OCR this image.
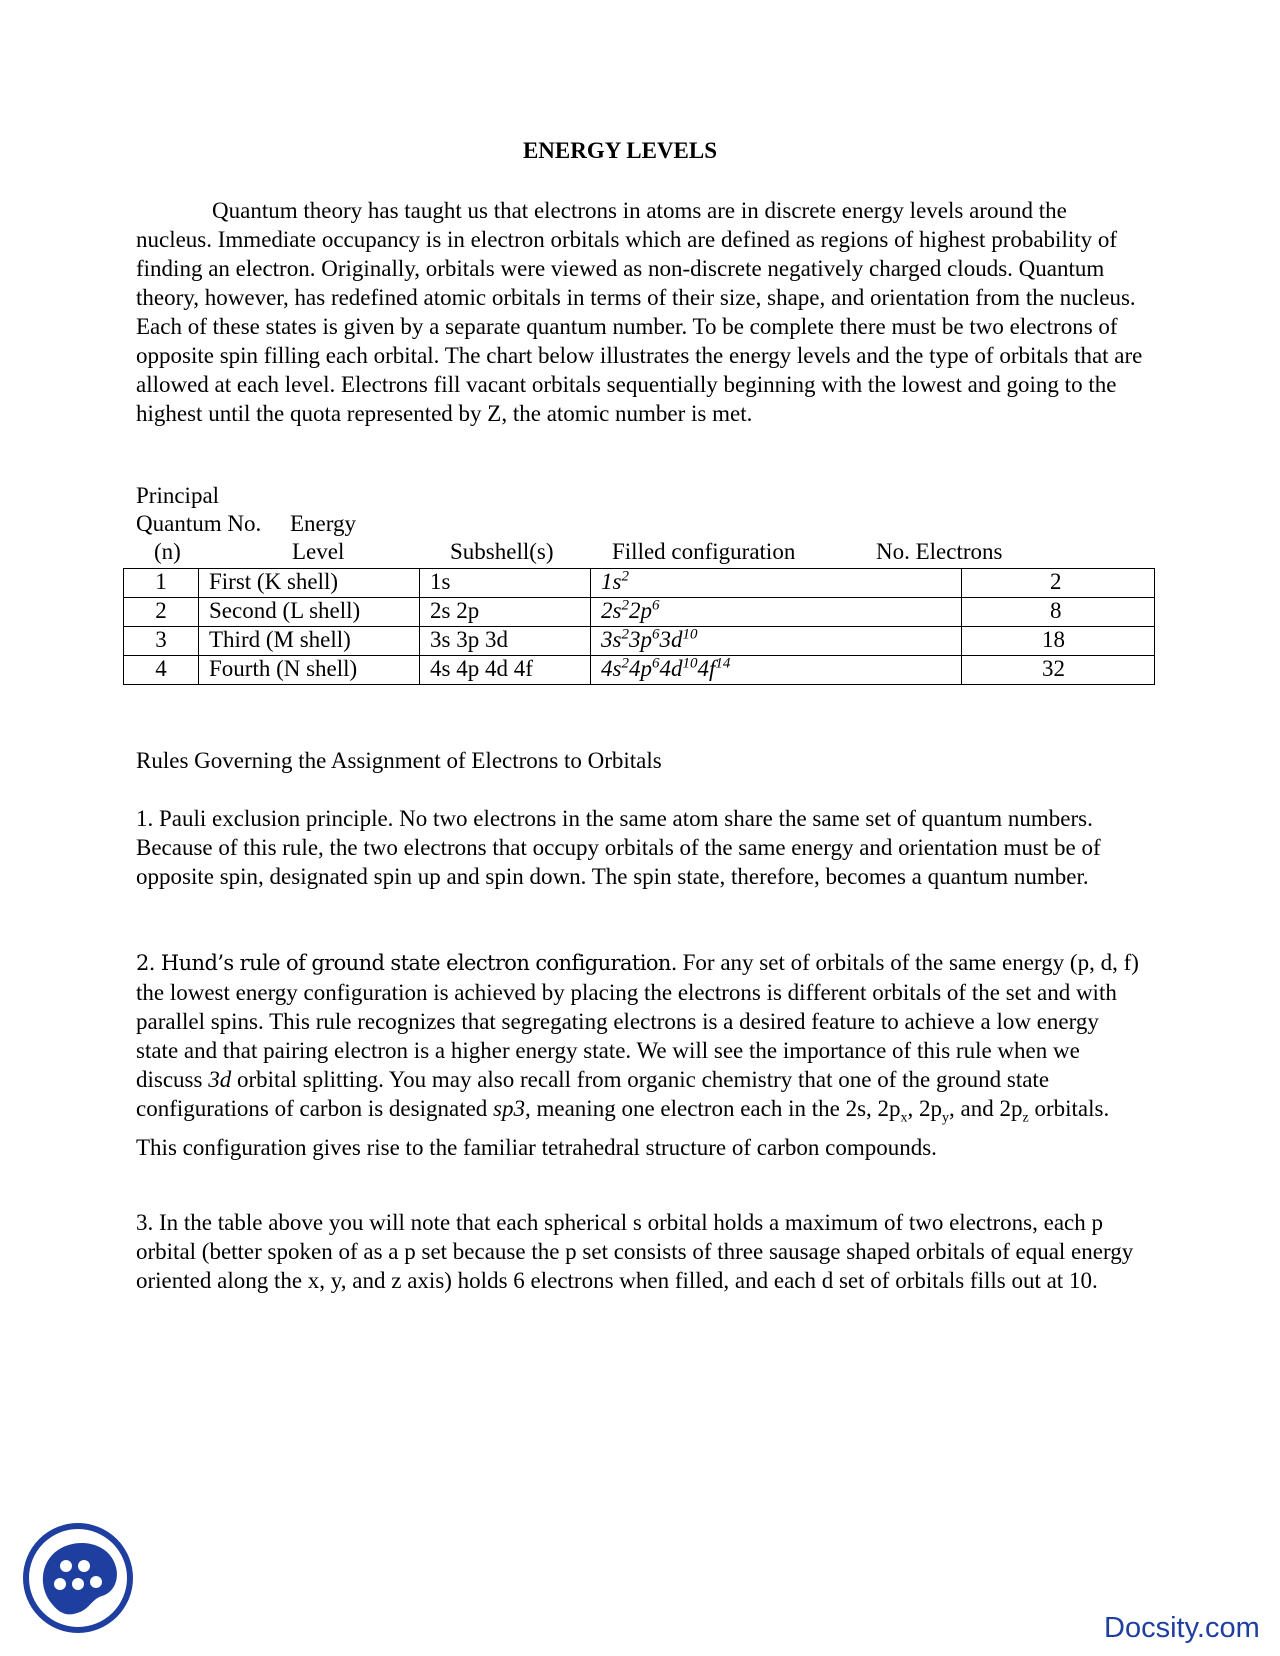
ENERGY LEVELS

Quantum theory has taught us that electrons in atoms are in discrete energy levels around the nucleus. Immediate occupancy is in electron orbitals which are defined as regions of highest probability of finding an electron. Originally, orbitals were viewed as non-discrete negatively charged clouds. Quantum theory, however, has redefined atomic orbitals in terms of their size, shape, and orientation from the nucleus. Each of these states is given by a separate quantum number. To be complete there must be two electrons of opposite spin filling each orbital. The chart below illustrates the energy levels and the type of orbitals that are allowed at each level. Electrons fill vacant orbitals sequentially beginning with the lowest and going to the highest until the quota represented by Z, the atomic number is met.

Principal
Quantum No. Energy
(n)	Level	Subshell(s)	Filled configuration	No. Electrons
1	First (K shell)	1s	$1s^2$	2
2	Second (L shell)	2s 2p	$2s^22p^6$	8
3	Third (M shell)	3s 3p 3d	$3s^23p^63d^{10}$	18
4	Fourth (N shell)	4s 4p 4d 4f	$4s^24p^64d^{10}4f^{14}$	32
Rules Governing the Assignment of Electrons to Orbitals

1. Pauli exclusion principle. No two electrons in the same atom share the same set of quantum numbers. Because of this rule, the two electrons that occupy orbitals of the same energy and orientation must be of opposite spin, designated spin up and spin down. The spin state, therefore, becomes a quantum number.

2. Hund’s rule of ground state electron configuration. For any set of orbitals of the same energy (p, d, f) the lowest energy configuration is achieved by placing the electrons is different orbitals of the set and with parallel spins. This rule recognizes that segregating electrons is a desired feature to achieve a low energy state and that pairing electron is a higher energy state. We will see the importance of this rule when we discuss 3d orbital splitting. You may also recall from organic chemistry that one of the ground state configurations of carbon is designated sp3, meaning one electron each in the 2s, $2p_x$, $2p_y$, and $2p_z$ orbitals. This configuration gives rise to the familiar tetrahedral structure of carbon compounds.

3. In the table above you will note that each spherical s orbital holds a maximum of two electrons, each p orbital (better spoken of as a p set because the p set consists of three sausage shaped orbitals of equal energy oriented along the x, y, and z axis) holds 6 electrons when filled, and each d set of orbitals fills out at 10.

Docsity.com
